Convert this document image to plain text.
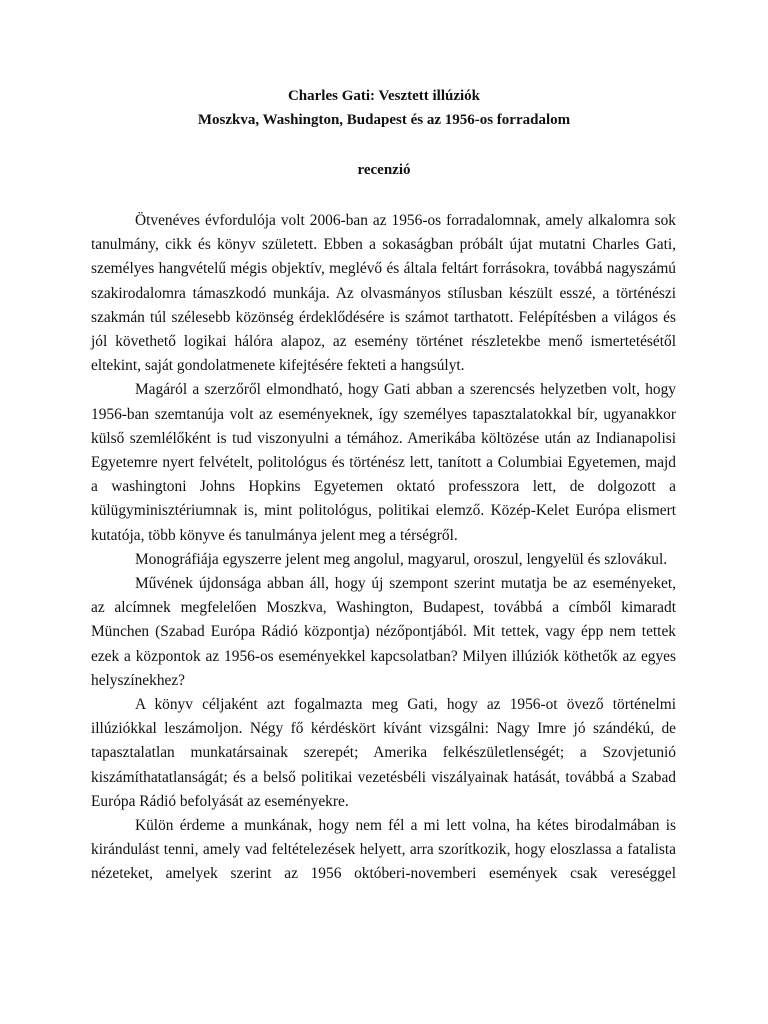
Charles Gati: Vesztett illúziók
Moszkva, Washington, Budapest és az 1956-os forradalom
recenzió
Ötvenéves évfordulója volt 2006-ban az 1956-os forradalomnak, amely alkalomra sok
tanulmány, cikk és könyv született. Ebben a sokaságban próbált újat mutatni Charles Gati,
személyes hangvételű mégis objektív, meglévő és általa feltárt forrásokra, továbbá nagyszámú
szakirodalomra támaszkodó munkája. Az olvasmányos stílusban készült esszé, a történészi
szakmán túl szélesebb közönség érdeklődésére is számot tarthatott. Felépítésben a világos és
jól követhető logikai hálóra alapoz, az esemény történet részletekbe menő ismertetésétől
eltekint, saját gondolatmenete kifejtésére fekteti a hangsúlyt.
Magáról a szerzőről elmondható, hogy Gati abban a szerencsés helyzetben volt, hogy
1956-ban szemtanúja volt az eseményeknek, így személyes tapasztalatokkal bír, ugyanakkor
külső szemlélőként is tud viszonyulni a témához. Amerikába költözése után az Indianapolisi
Egyetemre nyert felvételt, politológus és történész lett, tanított a Columbiai Egyetemen, majd
a washingtoni Johns Hopkins Egyetemen oktató professzora lett, de dolgozott a
külügyminisztériumnak is, mint politológus, politikai elemző. Közép-Kelet Európa elismert
kutatója, több könyve és tanulmánya jelent meg a térségről.
Monográfiája egyszerre jelent meg angolul, magyarul, oroszul, lengyelül és szlovákul.
Művének újdonsága abban áll, hogy új szempont szerint mutatja be az eseményeket,
az alcímnek megfelelően Moszkva, Washington, Budapest, továbbá a címből kimaradt
München (Szabad Európa Rádió központja) nézőpontjából. Mit tettek, vagy épp nem tettek
ezek a központok az 1956-os eseményekkel kapcsolatban? Milyen illúziók köthetők az egyes
helyszínekhez?
A könyv céljaként azt fogalmazta meg Gati, hogy az 1956-ot övező történelmi
illúziókkal leszámoljon. Négy fő kérdéskört kívánt vizsgálni: Nagy Imre jó szándékú, de
tapasztalatlan munkatársainak szerepét; Amerika felkészületlenségét; a Szovjetunió
kiszámíthatatlanságát; és a belső politikai vezetésbéli viszályainak hatását, továbbá a Szabad
Európa Rádió befolyását az eseményekre.
Külön érdeme a munkának, hogy nem fél a mi lett volna, ha kétes birodalmában is
kirándulást tenni, amely vad feltételezések helyett, arra szorítkozik, hogy eloszlassa a fatalista
nézeteket, amelyek szerint az 1956 októberi-novemberi események csak vereséggel
